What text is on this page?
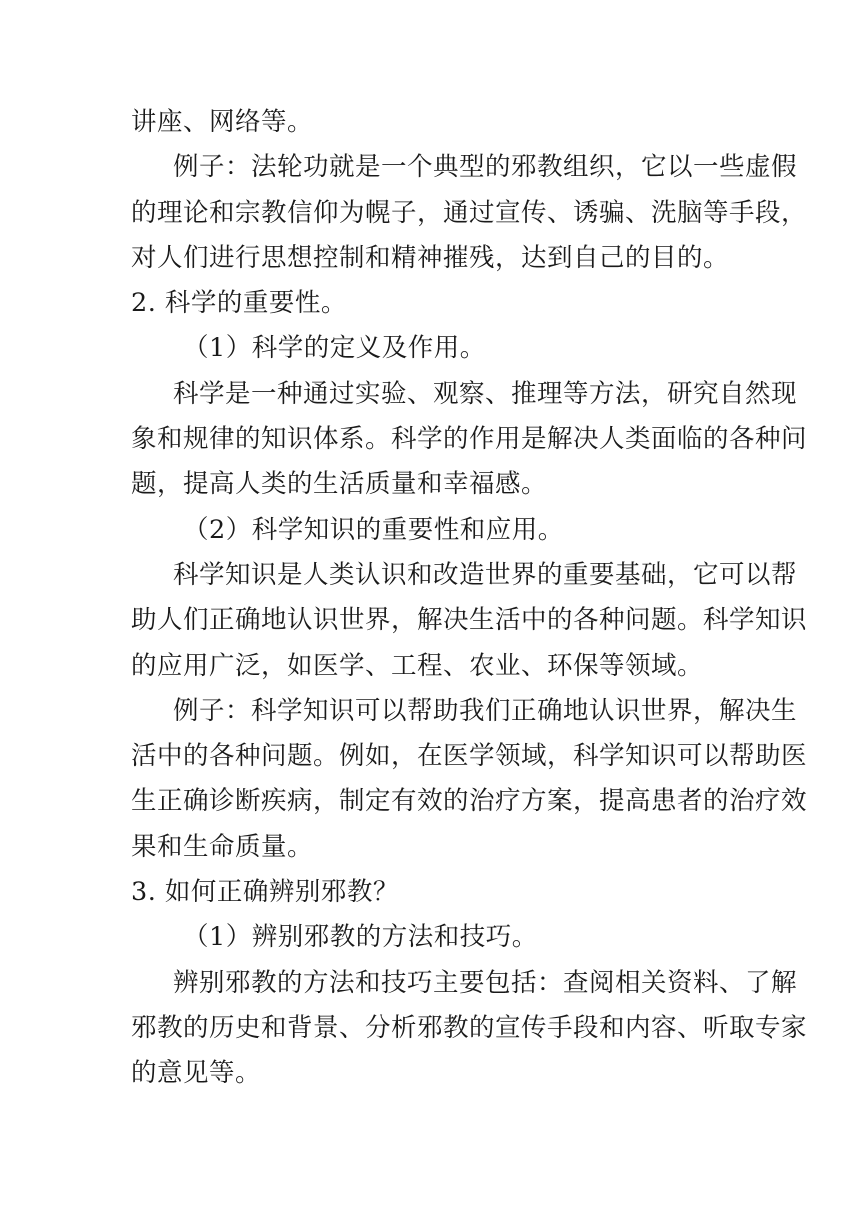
讲座、网络等。
例子：法轮功就是一个典型的邪教组织，它以一些虚假
的理论和宗教信仰为幌子，通过宣传、诱骗、洗脑等手段，
对人们进行思想控制和精神摧残，达到自己的目的。
2. 科学的重要性。
（1）科学的定义及作用。
科学是一种通过实验、观察、推理等方法，研究自然现
象和规律的知识体系。科学的作用是解决人类面临的各种问
题，提高人类的生活质量和幸福感。
（2）科学知识的重要性和应用。
科学知识是人类认识和改造世界的重要基础，它可以帮
助人们正确地认识世界，解决生活中的各种问题。科学知识
的应用广泛，如医学、工程、农业、环保等领域。
例子：科学知识可以帮助我们正确地认识世界，解决生
活中的各种问题。例如，在医学领域，科学知识可以帮助医
生正确诊断疾病，制定有效的治疗方案，提高患者的治疗效
果和生命质量。
3. 如何正确辨别邪教？
（1）辨别邪教的方法和技巧。
辨别邪教的方法和技巧主要包括：查阅相关资料、了解
邪教的历史和背景、分析邪教的宣传手段和内容、听取专家
的意见等。
